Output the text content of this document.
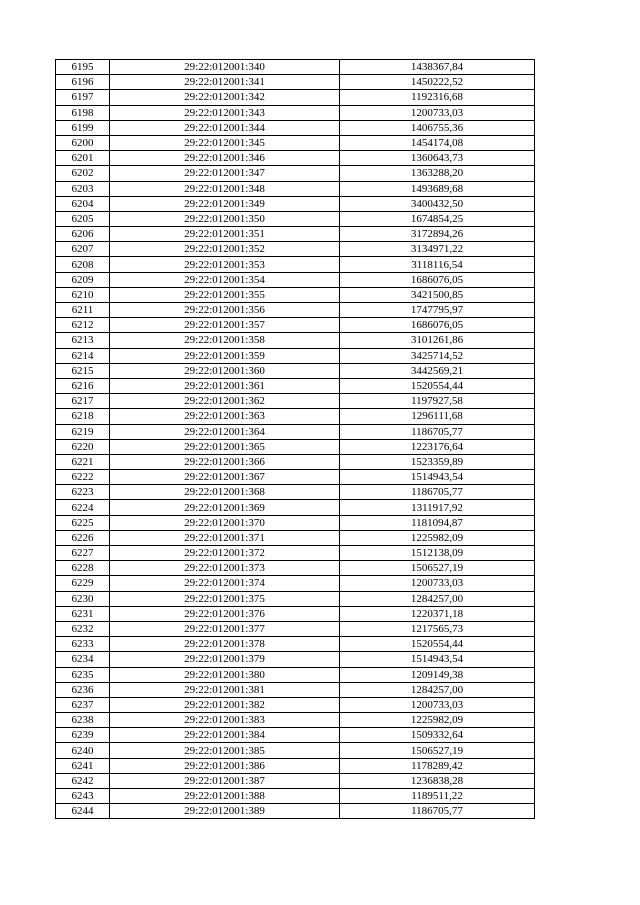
6195	29:22:012001:340	1438367,84
6196	29:22:012001:341	1450222,52
6197	29:22:012001:342	1192316,68
6198	29:22:012001:343	1200733,03
6199	29:22:012001:344	1406755,36
6200	29:22:012001:345	1454174,08
6201	29:22:012001:346	1360643,73
6202	29:22:012001:347	1363288,20
6203	29:22:012001:348	1493689,68
6204	29:22:012001:349	3400432,50
6205	29:22:012001:350	1674854,25
6206	29:22:012001:351	3172894,26
6207	29:22:012001:352	3134971,22
6208	29:22:012001:353	3118116,54
6209	29:22:012001:354	1686076,05
6210	29:22:012001:355	3421500,85
6211	29:22:012001:356	1747795,97
6212	29:22:012001:357	1686076,05
6213	29:22:012001:358	3101261,86
6214	29:22:012001:359	3425714,52
6215	29:22:012001:360	3442569,21
6216	29:22:012001:361	1520554,44
6217	29:22:012001:362	1197927,58
6218	29:22:012001:363	1296111,68
6219	29:22:012001:364	1186705,77
6220	29:22:012001:365	1223176,64
6221	29:22:012001:366	1523359,89
6222	29:22:012001:367	1514943,54
6223	29:22:012001:368	1186705,77
6224	29:22:012001:369	1311917,92
6225	29:22:012001:370	1181094,87
6226	29:22:012001:371	1225982,09
6227	29:22:012001:372	1512138,09
6228	29:22:012001:373	1506527,19
6229	29:22:012001:374	1200733,03
6230	29:22:012001:375	1284257,00
6231	29:22:012001:376	1220371,18
6232	29:22:012001:377	1217565,73
6233	29:22:012001:378	1520554,44
6234	29:22:012001:379	1514943,54
6235	29:22:012001:380	1209149,38
6236	29:22:012001:381	1284257,00
6237	29:22:012001:382	1200733,03
6238	29:22:012001:383	1225982,09
6239	29:22:012001:384	1509332,64
6240	29:22:012001:385	1506527,19
6241	29:22:012001:386	1178289,42
6242	29:22:012001:387	1236838,28
6243	29:22:012001:388	1189511,22
6244	29:22:012001:389	1186705,77
